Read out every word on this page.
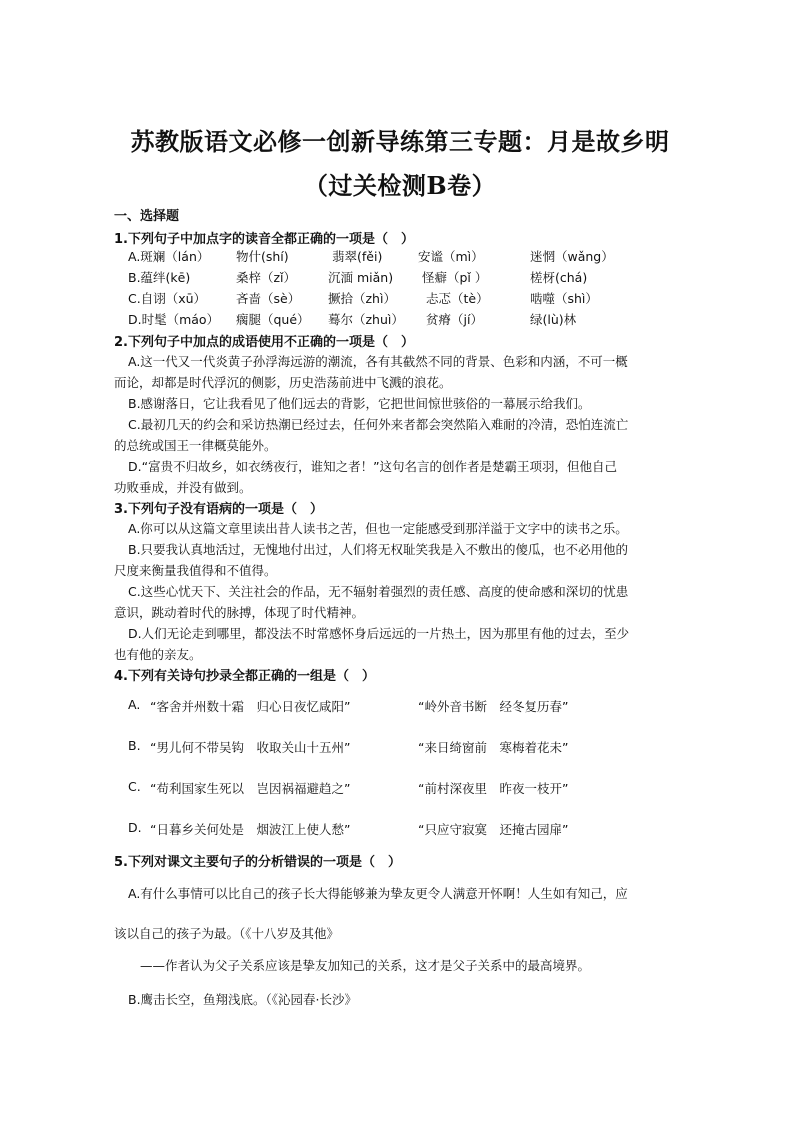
苏教版语文必修一创新导练第三专题：月是故乡明（过关检测B卷）
一、选择题
1.下列句子中加点字的读音全都正确的一项是（　）
A.斑斓（lán） 物什(shí)	翡翠(fěi)	安谧（mì）	迷惘（wǎng）
B.蕴绊(kē)	桑梓（zǐ）	沉湎 miǎn) 怪癖（pǐ ）	槎枒(chá)
C.自诩（xū） 吝啬（sè） 撅拾（zhì） 忐忑（tè）	啮噬（shì）
D.时髦（máo） 瘸腿（qué） 蓦尔（zhuì） 贫瘠（jí）	绿(lù)林
2.下列句子中加点的成语使用不正确的一项是（　）
A.这一代又一代炎黄子孙浮海远游的潮流，各有其截然不同的背景、色彩和内涵，不可一概
而论，却都是时代浮沉的侧影，历史浩荡前进中飞溅的浪花。
B.感谢落日，它让我看见了他们远去的背影，它把世间惊世骇俗的一幕展示给我们。
C.最初几天的约会和采访热潮已经过去，任何外来者都会突然陷入难耐的冷清，恐怕连流亡
的总统或国王一律概莫能外。
D.“富贵不归故乡，如衣绣夜行，谁知之者！”这句名言的创作者是楚霸王项羽，但他自己
功败垂成，并没有做到。
3.下列句子没有语病的一项是（　）
A.你可以从这篇文章里读出昔人读书之苦，但也一定能感受到那洋溢于文字中的读书之乐。
B.只要我认真地活过，无愧地付出过，人们将无权耻笑我是入不敷出的傻瓜，也不必用他的
尺度来衡量我值得和不值得。
C.这些心忧天下、关注社会的作品，无不辐射着强烈的责任感、高度的使命感和深切的忧患
意识，跳动着时代的脉搏，体现了时代精神。
D.人们无论走到哪里，都没法不时常感怀身后远远的一片热土，因为那里有他的过去，至少
也有他的亲友。
4.下列有关诗句抄录全都正确的一组是（　）
A. “客舍并州数十霜　归心日夜忆咸阳”	“岭外音书断　经冬复历春”
B. “男儿何不带吴钩　收取关山十五州”	“来日绮窗前　寒梅着花未”
C. “苟利国家生死以　岂因祸福避趋之”	“前村深夜里　昨夜一枝开”
D. “日暮乡关何处是　烟波江上使人愁”	“只应守寂寞　还掩古园扉”
5.下列对课文主要句子的分析错误的一项是（　）
A.有什么事情可以比自己的孩子长大得能够兼为挚友更令人满意开怀啊！人生如有知己，应
该以自己的孩子为最。（《十八岁及其他》
——作者认为父子关系应该是挚友加知己的关系，这才是父子关系中的最高境界。
B.鹰击长空，鱼翔浅底。（《沁园春·长沙》
